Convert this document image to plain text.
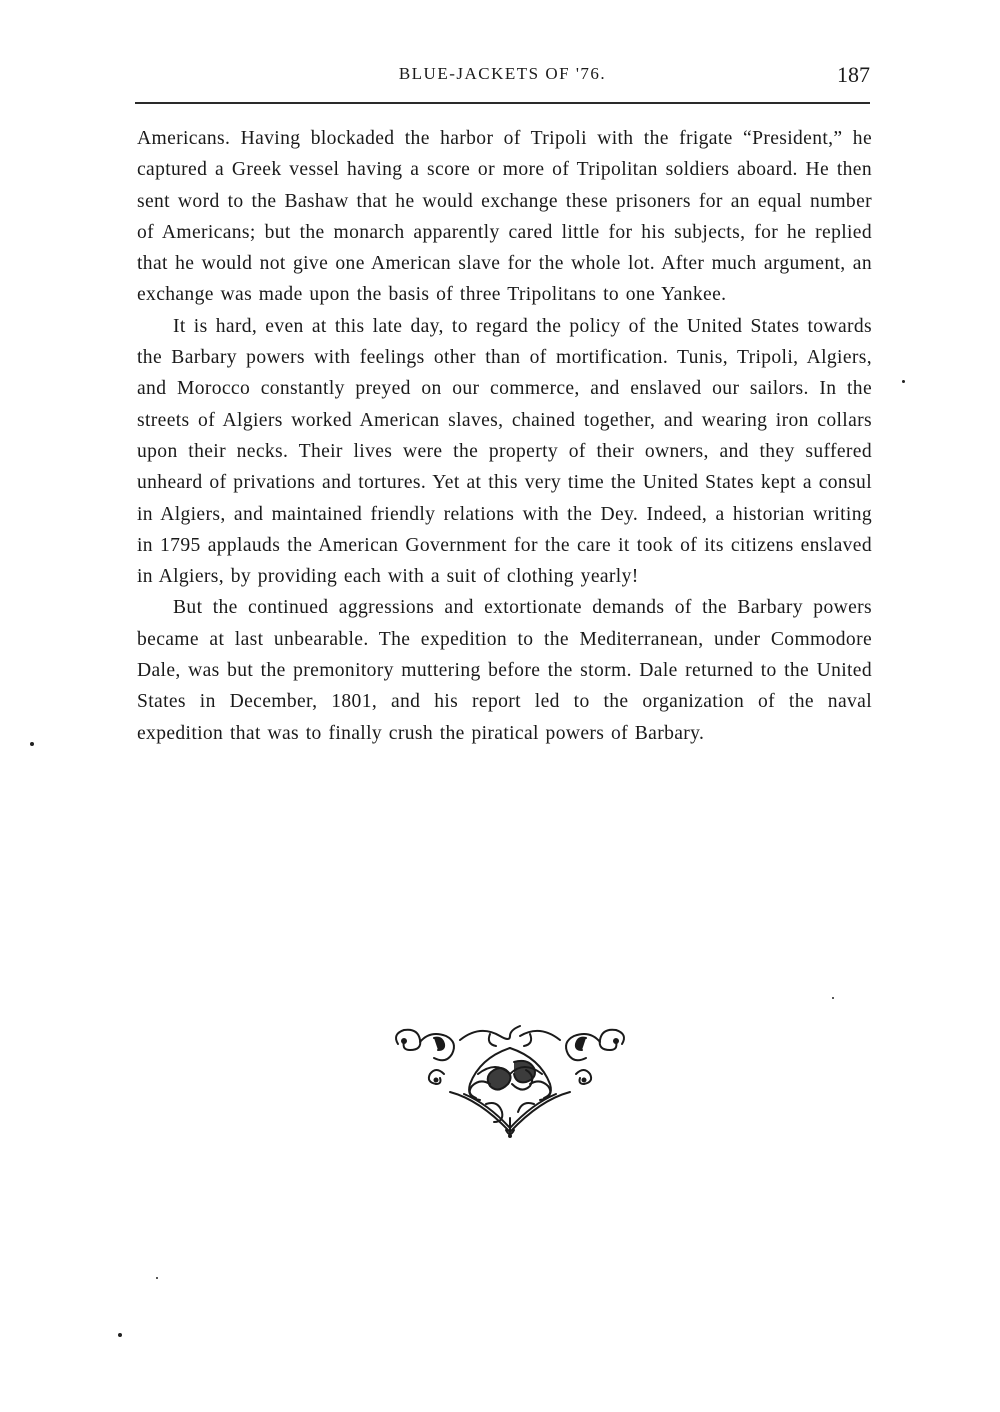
BLUE-JACKETS OF '76.	187

Americans. Having blockaded the harbor of Tripoli with the frigate “President,” he captured a Greek vessel having a score or more of Tripolitan soldiers aboard. He then sent word to the Bashaw that he would exchange these prisoners for an equal number of Americans; but the monarch apparently cared little for his subjects, for he replied that he would not give one American slave for the whole lot. After much argument, an exchange was made upon the basis of three Tripolitans to one Yankee.

It is hard, even at this late day, to regard the policy of the United States towards the Barbary powers with feelings other than of mortification. Tunis, Tripoli, Algiers, and Morocco constantly preyed on our commerce, and enslaved our sailors. In the streets of Algiers worked American slaves, chained together, and wearing iron collars upon their necks. Their lives were the property of their owners, and they suffered unheard of privations and tortures. Yet at this very time the United States kept a consul in Algiers, and maintained friendly relations with the Dey. Indeed, a historian writing in 1795 applauds the American Government for the care it took of its citizens enslaved in Algiers, by providing each with a suit of clothing yearly!

But the continued aggressions and extortionate demands of the Barbary powers became at last unbearable. The expedition to the Mediterranean, under Commodore Dale, was but the premonitory muttering before the storm. Dale returned to the United States in December, 1801, and his report led to the organization of the naval expedition that was to finally crush the piratical powers of Barbary.
